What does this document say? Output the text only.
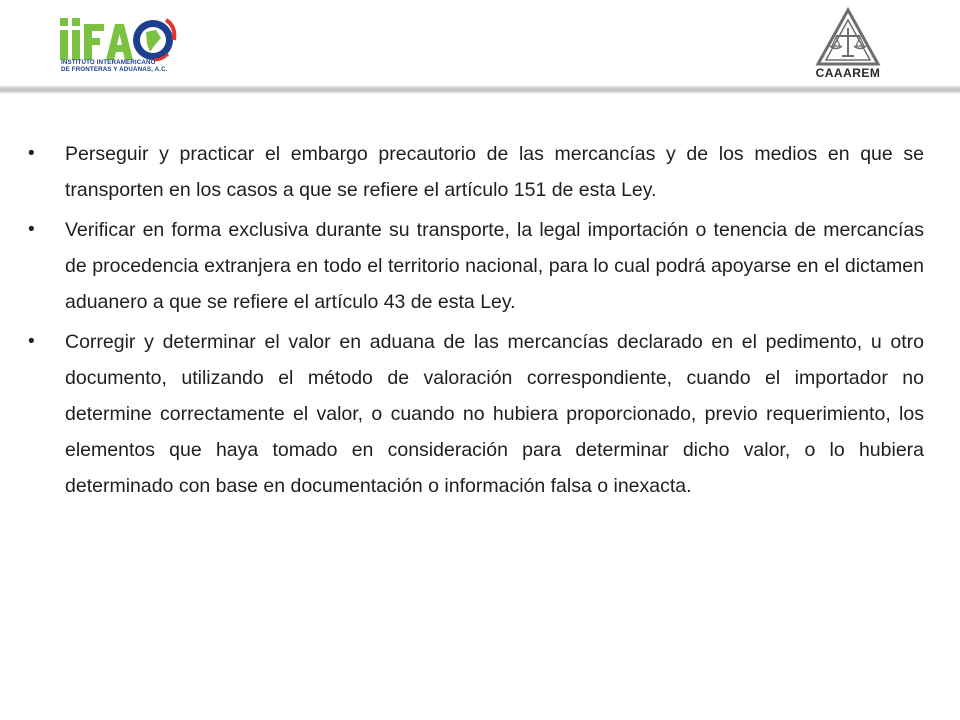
INSTITUTO INTERAMERICANO
DE FRONTERAS Y ADUANAS, A.C.	CAAAREM
• Perseguir y practicar el embargo precautorio de las mercancías y de los medios en que se transporten en los casos a que se refiere el artículo 151 de esta Ley.

• Verificar en forma exclusiva durante su transporte, la legal importación o tenencia de mercancías de procedencia extranjera en todo el territorio nacional, para lo cual podrá apoyarse en el dictamen aduanero a que se refiere el artículo 43 de esta Ley.

• Corregir y determinar el valor en aduana de las mercancías declarado en el pedimento, u otro documento, utilizando el método de valoración correspondiente, cuando el importador no determine correctamente el valor, o cuando no hubiera proporcionado, previo requerimiento, los elementos que haya tomado en consideración para determinar dicho valor, o lo hubiera determinado con base en documentación o información falsa o inexacta.
